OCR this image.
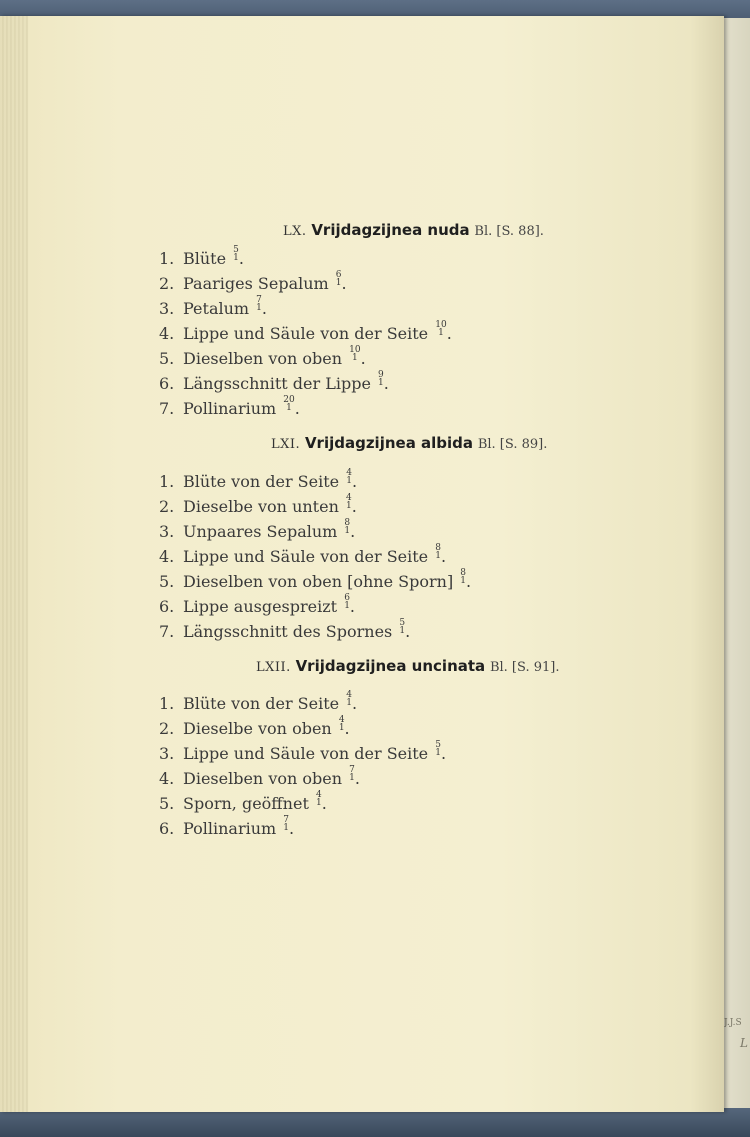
J.J.S
L
LX. Vrijdagzijnea nuda Bl. [S. 88].
1. Blüte 5
1 .
2. Paariges Sepalum 6
1 .
3. Petalum 7
1 .
4. Lippe und Säule von der Seite 10
1 .
5. Dieselben von oben 10
1 .
6. Längsschnitt der Lippe 9
1 .
7. Pollinarium 20
1 .
LXI. Vrijdagzijnea albida Bl. [S. 89].
1. Blüte von der Seite 4
1 .
2. Dieselbe von unten 4
1 .
3. Unpaares Sepalum 8
1 .
4. Lippe und Säule von der Seite 8
1 .
5. Dieselben von oben [ohne Sporn] 8
1 .
6. Lippe ausgespreizt 6
1 .
7. Längsschnitt des Spornes 5
1 .
LXII. Vrijdagzijnea uncinata Bl. [S. 91].
1. Blüte von der Seite 4
1 .
2. Dieselbe von oben 4
1 .
3. Lippe und Säule von der Seite 5
1 .
4. Dieselben von oben 7
1 .
5. Sporn, geöffnet 4
1 .
6. Pollinarium 7
1 .
